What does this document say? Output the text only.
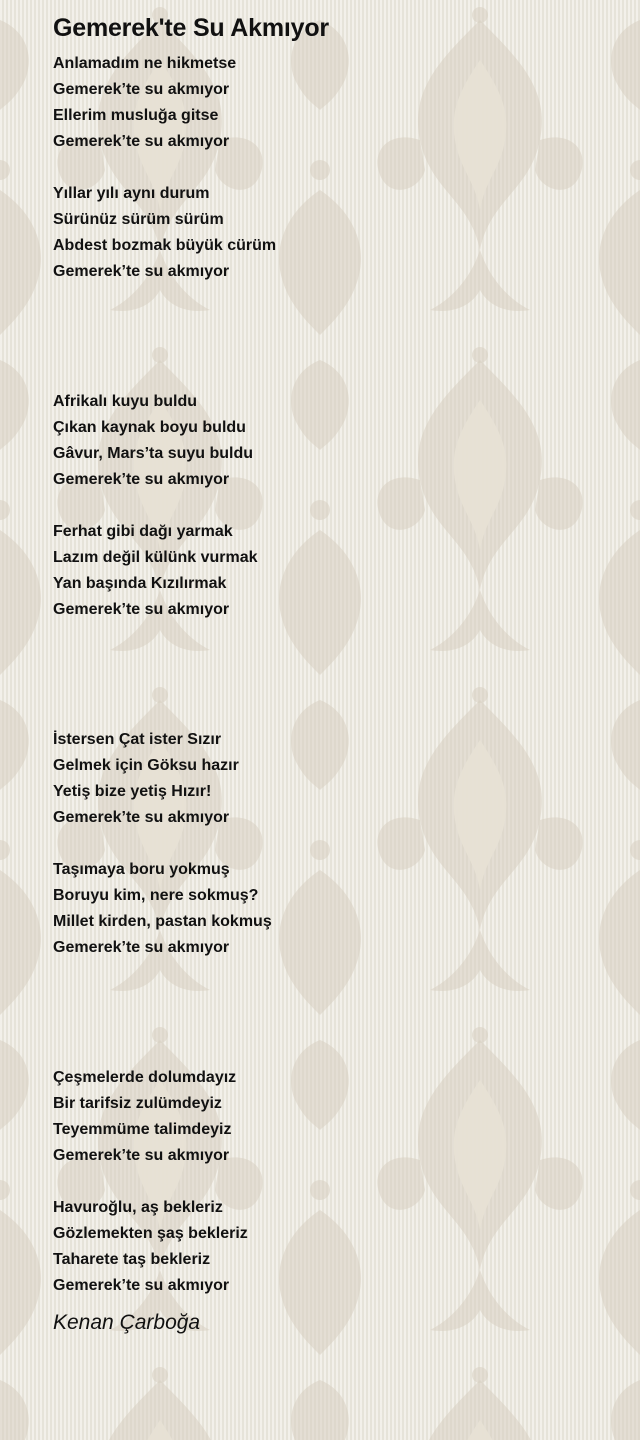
Gemerek'te Su Akmıyor
Anlamadım ne hikmetse
Gemerek’te su akmıyor
Ellerim musluğa gitse
Gemerek’te su akmıyor
Yıllar yılı aynı durum
Sürünüz sürüm sürüm
Abdest bozmak büyük cürüm
Gemerek’te su akmıyor
Afrikalı kuyu buldu
Çıkan kaynak boyu buldu
Gâvur, Mars’ta suyu buldu
Gemerek’te su akmıyor
Ferhat gibi dağı yarmak
Lazım değil külünk vurmak
Yan başında Kızılırmak
Gemerek’te su akmıyor
İstersen Çat ister Sızır
Gelmek için Göksu hazır
Yetiş bize yetiş Hızır!
Gemerek’te su akmıyor
Taşımaya boru yokmuş
Boruyu kim, nere sokmuş?
Millet kirden, pastan kokmuş
Gemerek’te su akmıyor
Çeşmelerde dolumdayız
Bir tarifsiz zulümdeyiz
Teyemmüme talimdeyiz
Gemerek’te su akmıyor
Havuroğlu, aş bekleriz
Gözlemekten şaş bekleriz
Taharete taş bekleriz
Gemerek’te su akmıyor
Kenan Çarboğa
